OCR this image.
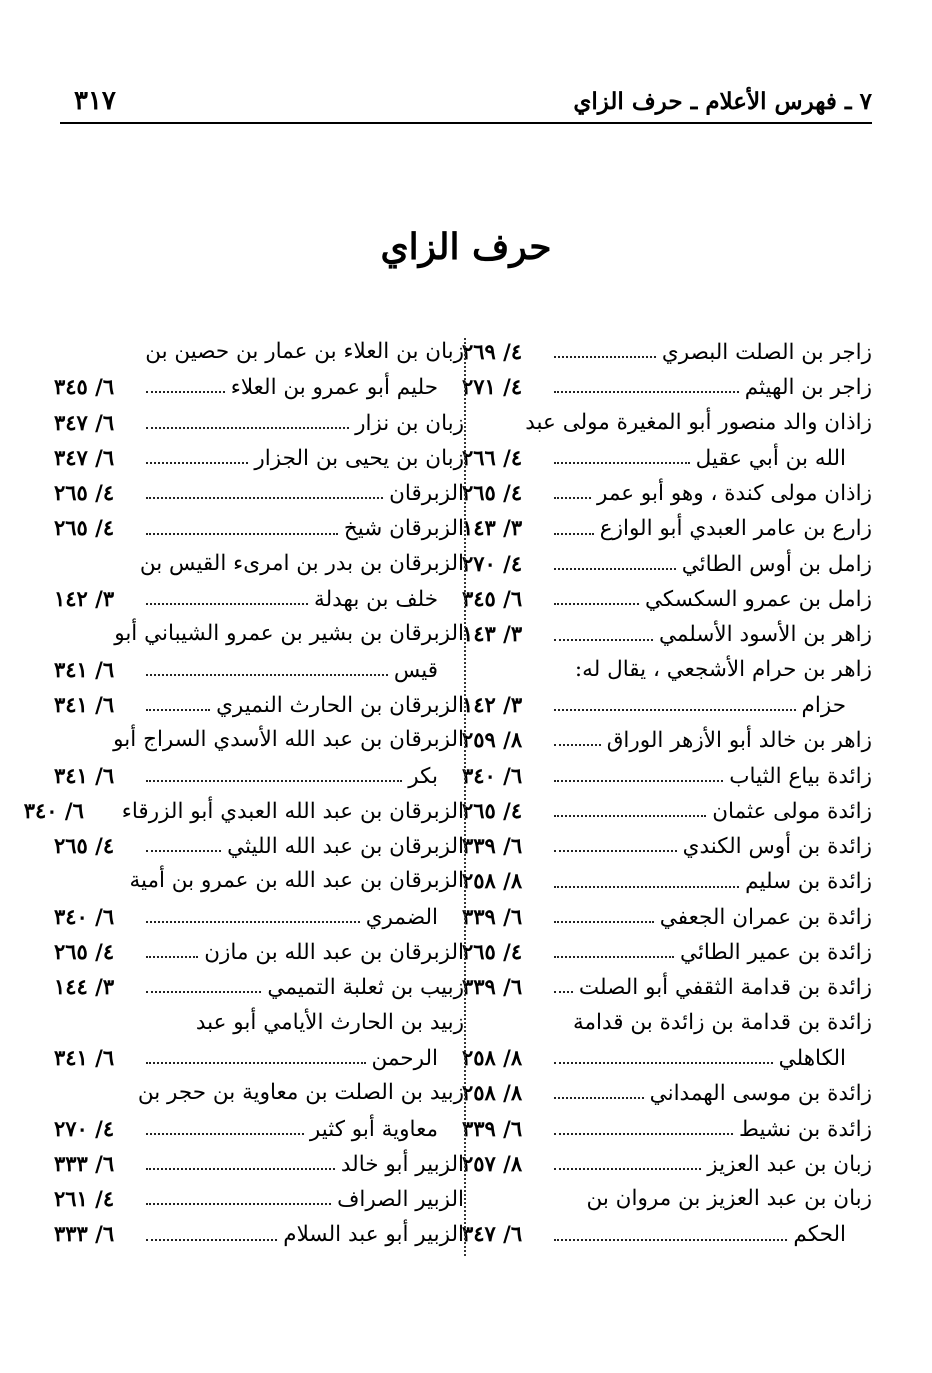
٣١٧	٧ ـ فهرس الأعلام ـ حرف الزاي
حرف الزاي
زاجر بن الصلت البصري
٤/ ٢٦٩
زاجر بن الهيثم
٤/ ٢٧١
زاذان والد منصور أبو المغيرة مولى عبد
الله بن أبي عقيل
٤/ ٢٦٦
زاذان مولى كندة ، وهو أبو عمر
٤/ ٢٦٥
زارع بن عامر العبدي أبو الوازع
٣/ ١٤٣
زامل بن أوس الطائي
٤/ ٢٧٠
زامل بن عمرو السكسكي
٦/ ٣٤٥
زاهر بن الأسود الأسلمي
٣/ ١٤٣
زاهر بن حرام الأشجعي ، يقال له:
حزام
٣/ ١٤٢
زاهر بن خالد أبو الأزهر الوراق
٨/ ٢٥٩
زائدة بياع الثياب
٦/ ٣٤٠
زائدة مولى عثمان
٤/ ٢٦٥
زائدة بن أوس الكندي
٦/ ٣٣٩
زائدة بن سليم
٨/ ٢٥٨
زائدة بن عمران الجعفي
٦/ ٣٣٩
زائدة بن عمير الطائي
٤/ ٢٦٥
زائدة بن قدامة الثقفي أبو الصلت
٦/ ٣٣٩
زائدة بن قدامة بن زائدة بن قدامة
الكاهلي
٨/ ٢٥٨
زائدة بن موسى الهمداني
٨/ ٢٥٨
زائدة بن نشيط
٦/ ٣٣٩
زبان بن عبد العزيز
٨/ ٢٥٧
زبان بن عبد العزيز بن مروان بن
الحكم
٦/ ٣٤٧
زبان بن العلاء بن عمار بن حصين بن
حليم أبو عمرو بن العلاء
٦/ ٣٤٥
زبان بن نزار
٦/ ٣٤٧
زبان بن يحيى بن الجزار
٦/ ٣٤٧
الزبرقان
٤/ ٢٦٥
الزبرقان شيخ
٤/ ٢٦٥
الزبرقان بن بدر بن امرىء القيس بن
خلف بن بهدلة
٣/ ١٤٢
الزبرقان بن بشير بن عمرو الشيباني أبو
قيس
٦/ ٣٤١
الزبرقان بن الحارث النميري
٦/ ٣٤١
الزبرقان بن عبد الله الأسدي السراج أبو
بكر
٦/ ٣٤١
الزبرقان بن عبد الله العبدي أبو الزرقاء
٦/ ٣٤٠
الزبرقان بن عبد الله الليثي
٤/ ٢٦٥
الزبرقان بن عبد الله بن عمرو بن أمية
الضمري
٦/ ٣٤٠
الزبرقان بن عبد الله بن مازن
٤/ ٢٦٥
زبيب بن ثعلبة التميمي
٣/ ١٤٤
زبيد بن الحارث الأيامي أبو عبد
الرحمن
٦/ ٣٤١
زبيد بن الصلت بن معاوية بن حجر بن
معاوية أبو كثير
٤/ ٢٧٠
الزبير أبو خالد
٦/ ٣٣٣
الزبير الصراف
٤/ ٢٦١
الزبير أبو عبد السلام
٦/ ٣٣٣
